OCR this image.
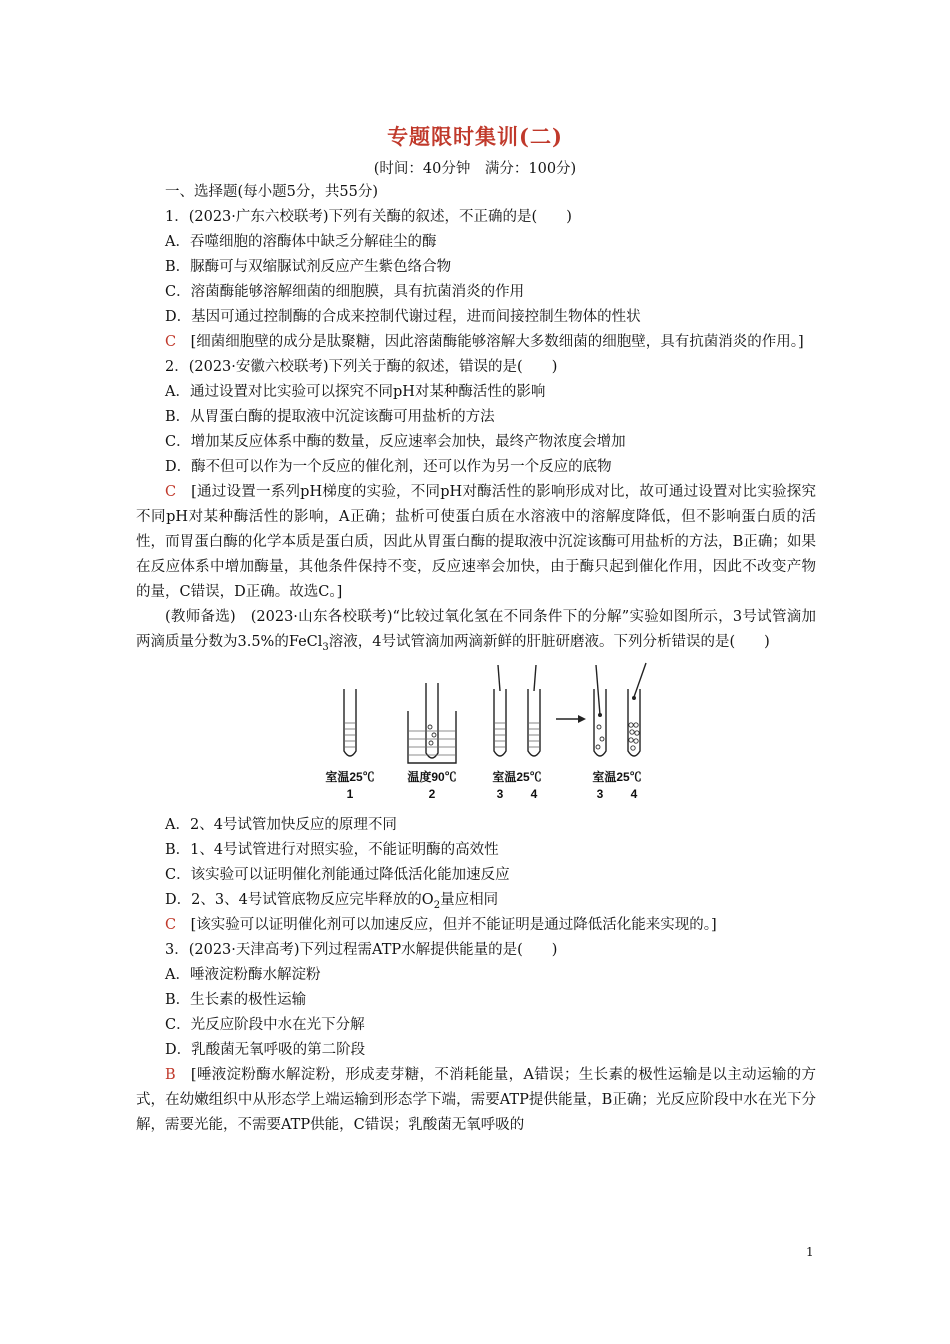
专题限时集训(二)
(时间：40分钟　满分：100分)

一、选择题(每小题5分，共55分)

1．(2023·广东六校联考)下列有关酶的叙述，不正确的是(　　)

A．吞噬细胞的溶酶体中缺乏分解硅尘的酶

B．脲酶可与双缩脲试剂反应产生紫色络合物

C．溶菌酶能够溶解细菌的细胞膜，具有抗菌消炎的作用

D．基因可通过控制酶的合成来控制代谢过程，进而间接控制生物体的性状

C　 [细菌细胞壁的成分是肽聚糖，因此溶菌酶能够溶解大多数细菌的细胞壁，具有抗菌消炎的作用。]

2．(2023·安徽六校联考)下列关于酶的叙述，错误的是(　　)

A．通过设置对比实验可以探究不同pH对某种酶活性的影响

B．从胃蛋白酶的提取液中沉淀该酶可用盐析的方法

C．增加某反应体系中酶的数量，反应速率会加快，最终产物浓度会增加

D．酶不但可以作为一个反应的催化剂，还可以作为另一个反应的底物

C　 [通过设置一系列pH梯度的实验，不同pH对酶活性的影响形成对比，故可通过设置对比实验探究不同pH对某种酶活性的影响，A正确；盐析可使蛋白质在水溶液中的溶解度降低，但不影响蛋白质的活性，而胃蛋白酶的化学本质是蛋白质，因此从胃蛋白酶的提取液中沉淀该酶可用盐析的方法，B正确；如果在反应体系中增加酶量，其他条件保持不变，反应速率会加快，由于酶只起到催化作用，因此不改变产物的量，C错误，D正确。故选C。]

(教师备选)　(2023·山东各校联考)“比较过氧化氢在不同条件下的分解”实验如图所示，3号试管滴加两滴质量分数为3.5%的FeCl$_3$溶液，4号试管滴加两滴新鲜的肝脏研磨液。下列分析错误的是(　　)

室温25℃	温度90℃	室温25℃	室温25℃
1	2	3 4	3 4

A．2、4号试管加快反应的原理不同

B．1、4号试管进行对照实验，不能证明酶的高效性

C．该实验可以证明催化剂能通过降低活化能加速反应

D．2、3、4号试管底物反应完毕释放的$O_2$量应相同

C　 [该实验可以证明催化剂可以加速反应，但并不能证明是通过降低活化能来实现的。]

3．(2023·天津高考)下列过程需ATP水解提供能量的是(　　)

A．唾液淀粉酶水解淀粉

B．生长素的极性运输

C．光反应阶段中水在光下分解

D．乳酸菌无氧呼吸的第二阶段

B　 [唾液淀粉酶水解淀粉，形成麦芽糖，不消耗能量，A错误；生长素的极性运输是以主动运输的方式，在幼嫩组织中从形态学上端运输到形态学下端，需要ATP提供能量，B正确；光反应阶段中水在光下分解，需要光能，不需要ATP供能，C错误；乳酸菌无氧呼吸的

1
